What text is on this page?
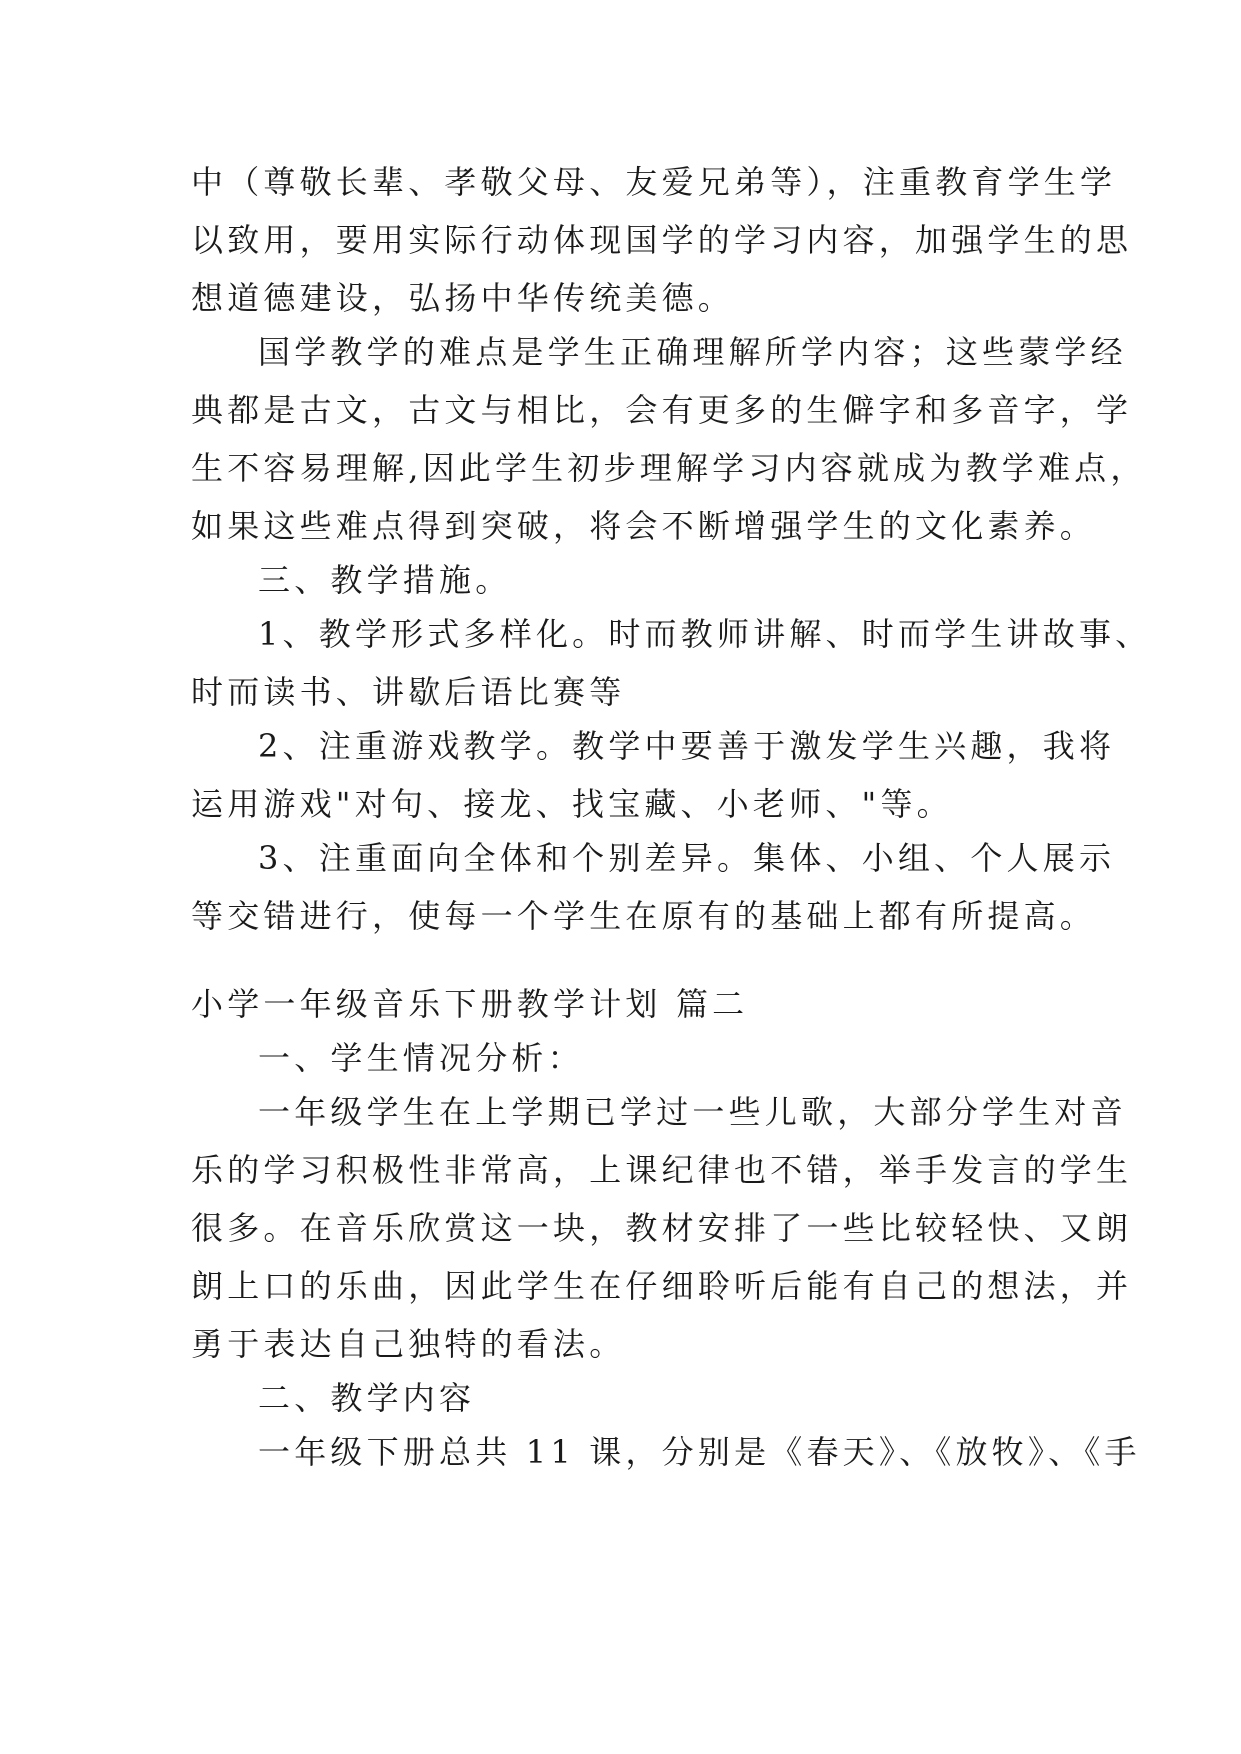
中（尊敬长辈、孝敬父母、友爱兄弟等），注重教育学生学
以致用，要用实际行动体现国学的学习内容，加强学生的思
想道德建设，弘扬中华传统美德。
国学教学的难点是学生正确理解所学内容；这些蒙学经
典都是古文，古文与相比，会有更多的生僻字和多音字，学
生不容易理解,因此学生初步理解学习内容就成为教学难点，
如果这些难点得到突破，将会不断增强学生的文化素养。
三、教学措施。
1、教学形式多样化。时而教师讲解、时而学生讲故事、
时而读书、讲歇后语比赛等
2、注重游戏教学。教学中要善于激发学生兴趣，我将
运用游戏"对句、接龙、找宝藏、小老师、"等。
3、注重面向全体和个别差异。集体、小组、个人展示
等交错进行，使每一个学生在原有的基础上都有所提高。
小学一年级音乐下册教学计划 篇二
一、学生情况分析：
一年级学生在上学期已学过一些儿歌，大部分学生对音
乐的学习积极性非常高，上课纪律也不错，举手发言的学生
很多。在音乐欣赏这一块，教材安排了一些比较轻快、又朗
朗上口的乐曲，因此学生在仔细聆听后能有自己的想法，并
勇于表达自己独特的看法。
二、教学内容
一年级下册总共 11 课，分别是《春天》、《放牧》、《手
